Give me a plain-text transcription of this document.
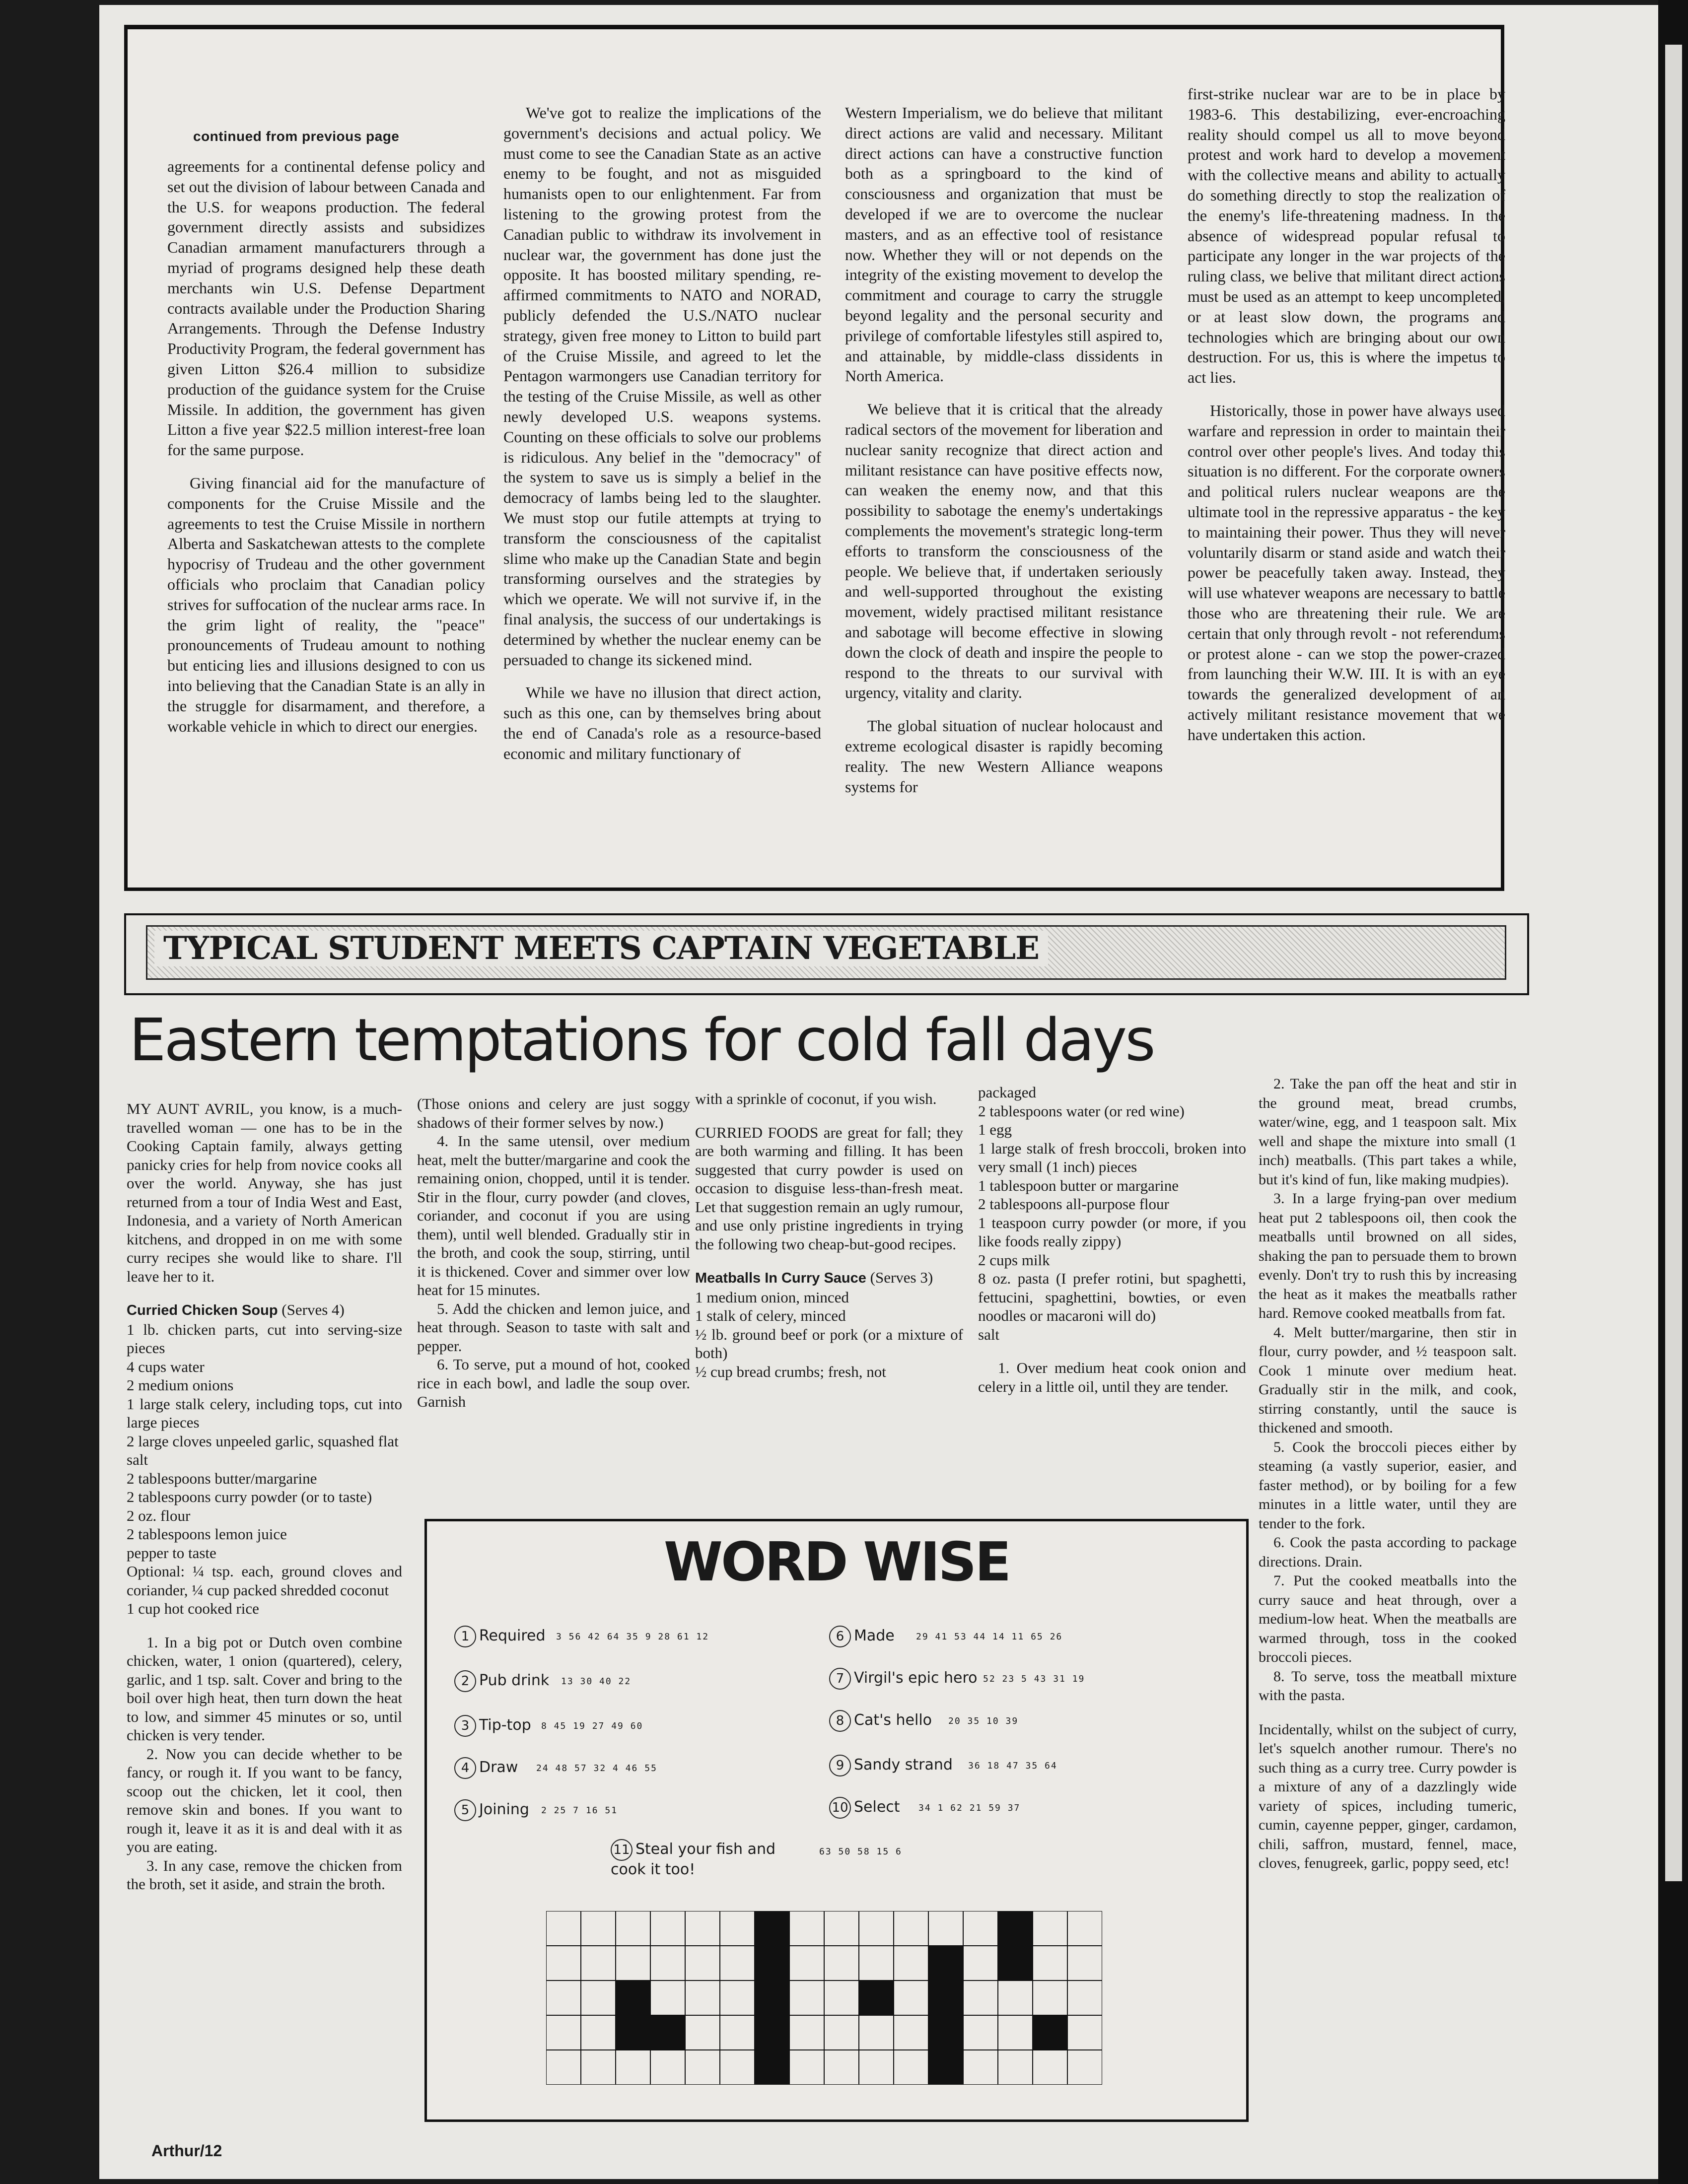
continued from previous page

agreements for a continental defense policy and set out the division of labour between Canada and the U.S. for weapons production. The federal government directly assists and subsidizes Canadian armament manufacturers through a myriad of programs designed help these death merchants win U.S. Defense Department contracts available under the Production Sharing Arrangements. Through the Defense Industry Productivity Program, the federal government has given Litton $26.4 million to subsidize production of the guidance system for the Cruise Missile. In addition, the government has given Litton a five year $22.5 million interest-free loan for the same purpose.

Giving financial aid for the manufacture of components for the Cruise Missile and the agreements to test the Cruise Missile in northern Alberta and Saskatchewan attests to the complete hypocrisy of Trudeau and the other government officials who proclaim that Canadian policy strives for suffocation of the nuclear arms race. In the grim light of reality, the "peace" pronouncements of Trudeau amount to nothing but enticing lies and illusions designed to con us into believing that the Canadian State is an ally in the struggle for disarmament, and therefore, a workable vehicle in which to direct our energies.

We've got to realize the implications of the government's decisions and actual policy. We must come to see the Canadian State as an active enemy to be fought, and not as misguided humanists open to our enlightenment. Far from listening to the growing protest from the Canadian public to withdraw its involvement in nuclear war, the government has done just the opposite. It has boosted military spending, re-affirmed commitments to NATO and NORAD, publicly defended the U.S./NATO nuclear strategy, given free money to Litton to build part of the Cruise Missile, and agreed to let the Pentagon warmongers use Canadian territory for the testing of the Cruise Missile, as well as other newly developed U.S. weapons systems. Counting on these officials to solve our problems is ridiculous. Any belief in the "democracy" of the system to save us is simply a belief in the democracy of lambs being led to the slaughter. We must stop our futile attempts at trying to transform the consciousness of the capitalist slime who make up the Canadian State and begin transforming ourselves and the strategies by which we operate. We will not survive if, in the final analysis, the success of our undertakings is determined by whether the nuclear enemy can be persuaded to change its sickened mind.

While we have no illusion that direct action, such as this one, can by themselves bring about the end of Canada's role as a resource-based economic and military functionary of

Western Imperialism, we do believe that militant direct actions are valid and necessary. Militant direct actions can have a constructive function both as a springboard to the kind of consciousness and organization that must be developed if we are to overcome the nuclear masters, and as an effective tool of resistance now. Whether they will or not depends on the integrity of the existing movement to develop the commitment and courage to carry the struggle beyond legality and the personal security and privilege of comfortable lifestyles still aspired to, and attainable, by middle-class dissidents in North America.

We believe that it is critical that the already radical sectors of the movement for liberation and nuclear sanity recognize that direct action and militant resistance can have positive effects now, can weaken the enemy now, and that this possibility to sabotage the enemy's undertakings complements the movement's strategic long-term efforts to transform the consciousness of the people. We believe that, if undertaken seriously and well-supported throughout the existing movement, widely practised militant resistance and sabotage will become effective in slowing down the clock of death and inspire the people to respond to the threats to our survival with urgency, vitality and clarity.

The global situation of nuclear holocaust and extreme ecological disaster is rapidly becoming reality. The new Western Alliance weapons systems for

first-strike nuclear war are to be in place by 1983-6. This destabilizing, ever-encroaching reality should compel us all to move beyond protest and work hard to develop a movement with the collective means and ability to actually do something directly to stop the realization of the enemy's life-threatening madness. In the absence of widespread popular refusal to participate any longer in the war projects of the ruling class, we belive that militant direct actions must be used as an attempt to keep uncompleted, or at least slow down, the programs and technologies which are bringing about our own destruction. For us, this is where the impetus to act lies.

Historically, those in power have always used warfare and repression in order to maintain their control over other people's lives. And today this situation is no different. For the corporate owners and political rulers nuclear weapons are the ultimate tool in the repressive apparatus - the key to maintaining their power. Thus they will never voluntarily disarm or stand aside and watch their power be peacefully taken away. Instead, they will use whatever weapons are necessary to battle those who are threatening their rule. We are certain that only through revolt - not referendums or protest alone - can we stop the power-crazed from launching their W.W. III. It is with an eye towards the generalized development of an actively militant resistance movement that we have undertaken this action.

TYPICAL STUDENT MEETS CAPTAIN VEGETABLE
Eastern temptations for cold fall days

MY AUNT AVRIL, you know, is a much-travelled woman — one has to be in the Cooking Captain family, always getting panicky cries for help from novice cooks all over the world. Anyway, she has just returned from a tour of India West and East, Indonesia, and a variety of North American kitchens, and dropped in on me with some curry recipes she would like to share. I'll leave her to it.

Curried Chicken Soup (Serves 4)

1 lb. chicken parts, cut into serving-size pieces

4 cups water

2 medium onions

1 large stalk celery, including tops, cut into large pieces

2 large cloves unpeeled garlic, squashed flat

salt

2 tablespoons butter/margarine

2 tablespoons curry powder (or to taste)

2 oz. flour

2 tablespoons lemon juice

pepper to taste

Optional: ¼ tsp. each, ground cloves and coriander, ¼ cup packed shredded coconut

1 cup hot cooked rice

1. In a big pot or Dutch oven combine chicken, water, 1 onion (quartered), celery, garlic, and 1 tsp. salt. Cover and bring to the boil over high heat, then turn down the heat to low, and simmer 45 minutes or so, until chicken is very tender.

2. Now you can decide whether to be fancy, or rough it. If you want to be fancy, scoop out the chicken, let it cool, then remove skin and bones. If you want to rough it, leave it as it is and deal with it as you are eating.

3. In any case, remove the chicken from the broth, set it aside, and strain the broth.

(Those onions and celery are just soggy shadows of their former selves by now.)

4. In the same utensil, over medium heat, melt the butter/margarine and cook the remaining onion, chopped, until it is tender. Stir in the flour, curry powder (and cloves, coriander, and coconut if you are using them), until well blended. Gradually stir in the broth, and cook the soup, stirring, until it is thickened. Cover and simmer over low heat for 15 minutes.

5. Add the chicken and lemon juice, and heat through. Season to taste with salt and pepper.

6. To serve, put a mound of hot, cooked rice in each bowl, and ladle the soup over. Garnish

with a sprinkle of coconut, if you wish.

CURRIED FOODS are great for fall; they are both warming and filling. It has been suggested that curry powder is used on occasion to disguise less-than-fresh meat. Let that suggestion remain an ugly rumour, and use only pristine ingredients in trying the following two cheap-but-good recipes.

Meatballs In Curry Sauce (Serves 3)

1 medium onion, minced

1 stalk of celery, minced

½ lb. ground beef or pork (or a mixture of both)

½ cup bread crumbs; fresh, not

packaged

2 tablespoons water (or red wine)

1 egg

1 large stalk of fresh broccoli, broken into very small (1 inch) pieces

1 tablespoon butter or margarine

2 tablespoons all-purpose flour

1 teaspoon curry powder (or more, if you like foods really zippy)

2 cups milk

8 oz. pasta (I prefer rotini, but spaghetti, fettucini, spaghettini, bowties, or even noodles or macaroni will do)

salt

1. Over medium heat cook onion and celery in a little oil, until they are tender.

2. Take the pan off the heat and stir in the ground meat, bread crumbs, water/wine, egg, and 1 teaspoon salt. Mix well and shape the mixture into small (1 inch) meatballs. (This part takes a while, but it's kind of fun, like making mudpies).

3. In a large frying-pan over medium heat put 2 tablespoons oil, then cook the meatballs until browned on all sides, shaking the pan to persuade them to brown evenly. Don't try to rush this by increasing the heat as it makes the meatballs rather hard. Remove cooked meatballs from fat.

4. Melt butter/margarine, then stir in flour, curry powder, and ½ teaspoon salt. Cook 1 minute over medium heat. Gradually stir in the milk, and cook, stirring constantly, until the sauce is thickened and smooth.

5. Cook the broccoli pieces either by steaming (a vastly superior, easier, and faster method), or by boiling for a few minutes in a little water, until they are tender to the fork.

6. Cook the pasta according to package directions. Drain.

7. Put the cooked meatballs into the curry sauce and heat through, over a medium-low heat. When the meatballs are warmed through, toss in the cooked broccoli pieces.

8. To serve, toss the meatball mixture with the pasta.

Incidentally, whilst on the subject of curry, let's squelch another rumour. There's no such thing as a curry tree. Curry powder is a mixture of any of a dazzlingly wide variety of spices, including tumeric, cumin, cayenne pepper, ginger, cardamon, chili, saffron, mustard, fennel, mace, cloves, fenugreek, garlic, poppy seed, etc!

WORD WISE
1 Required 3 56 42 64 35 9 28 61 12
2 Pub drink 13 30 40 22
3 Tip-top 8 45 19 27 49 60
4 Draw 24 48 57 32 4 46 55
5 Joining 2 25 7 16 51
6 Made 29 41 53 44 14 11 65 26
7 Virgil's epic hero 52 23 5 43 31 19
8 Cat's hello 20 35 10 39
9 Sandy strand 36 18 47 35 64
10 Select 34 1 62 21 59 37
11 Steal your fish and cook it too!
63 50 58 15 6
Arthur/12
